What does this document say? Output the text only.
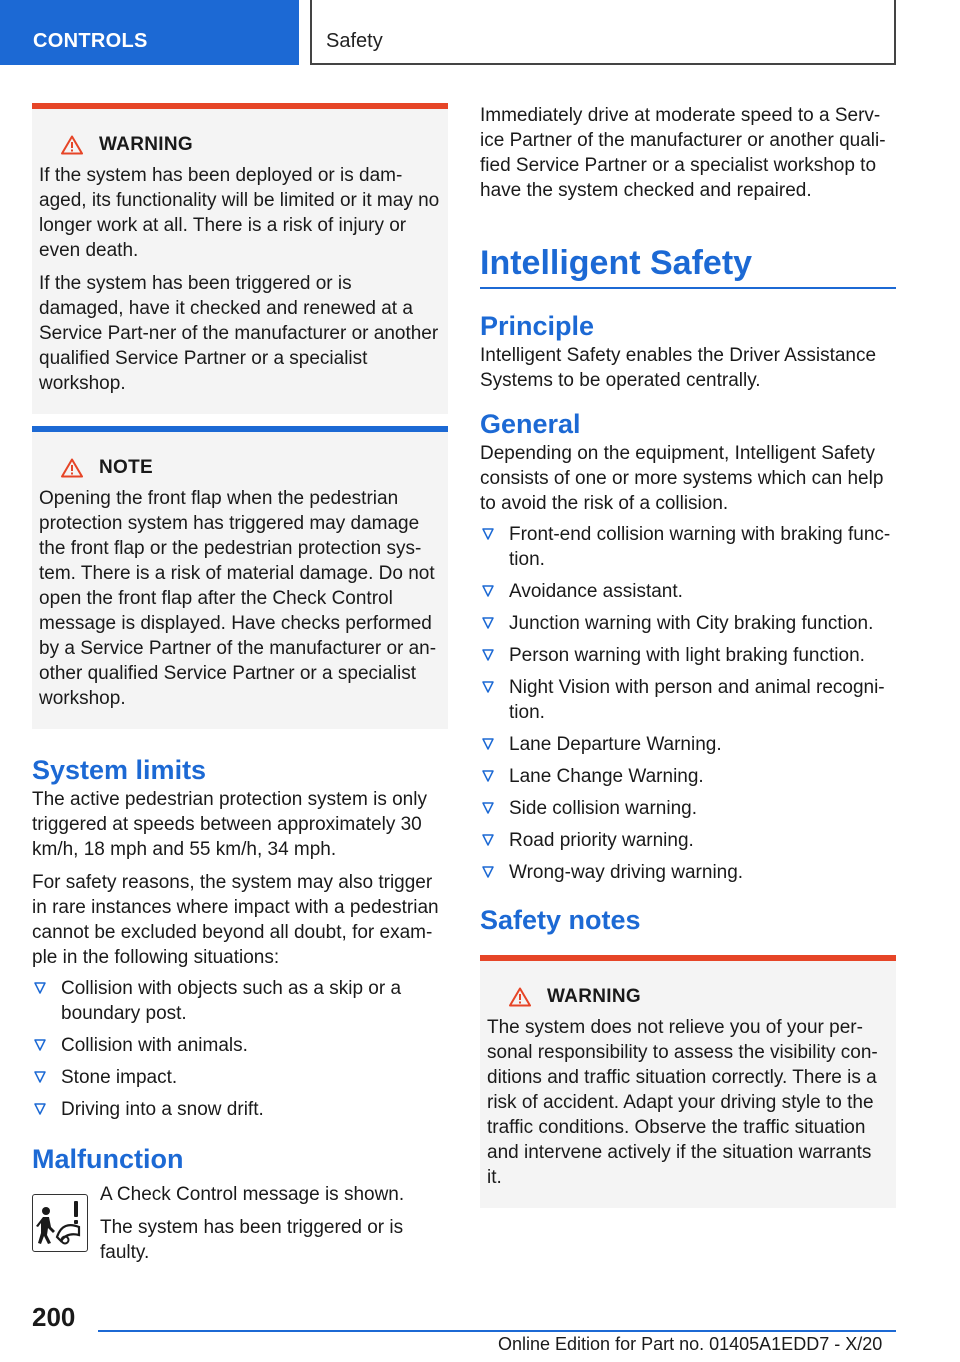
CONTROLS	Safety
WARNING

If the system has been deployed or is dam‐aged, its functionality will be limited or it may no longer work at all. There is a risk of injury or even death.

If the system has been triggered or is damaged, have it checked and renewed at a Service Part‐ner of the manufacturer or another qualified Service Partner or a specialist workshop.

NOTE

Opening the front flap when the pedestrian protection system has triggered may damage the front flap or the pedestrian protection sys‐tem. There is a risk of material damage. Do not open the front flap after the Check Control message is displayed. Have checks performed by a Service Partner of the manufacturer or an‐other qualified Service Partner or a specialist workshop.

System limits

The active pedestrian protection system is only triggered at speeds between approximately 30 km/h, 18 mph and 55 km/h, 34 mph.

For safety reasons, the system may also trigger in rare instances where impact with a pedestrian cannot be excluded beyond all doubt, for exam‐ple in the following situations:

Collision with objects such as a skip or a boundary post.
Collision with animals.
Stone impact.
Driving into a snow drift.
Malfunction

A Check Control message is shown.

The system has been triggered or is faulty.

Immediately drive at moderate speed to a Serv‐ice Partner of the manufacturer or another quali‐fied Service Partner or a specialist workshop to have the system checked and repaired.

Intelligent Safety
Principle

Intelligent Safety enables the Driver Assistance Systems to be operated centrally.

General

Depending on the equipment, Intelligent Safety consists of one or more systems which can help to avoid the risk of a collision.

Front-end collision warning with braking func‐tion.
Avoidance assistant.
Junction warning with City braking function.
Person warning with light braking function.
Night Vision with person and animal recogni‐tion.
Lane Departure Warning.
Lane Change Warning.
Side collision warning.
Road priority warning.
Wrong-way driving warning.
Safety notes
WARNING

The system does not relieve you of your per‐sonal responsibility to assess the visibility con‐ditions and traffic situation correctly. There is a risk of accident. Adapt your driving style to the traffic conditions. Observe the traffic situation and intervene actively if the situation warrants it.

200
Online Edition for Part no. 01405A1EDD7 - X/20
